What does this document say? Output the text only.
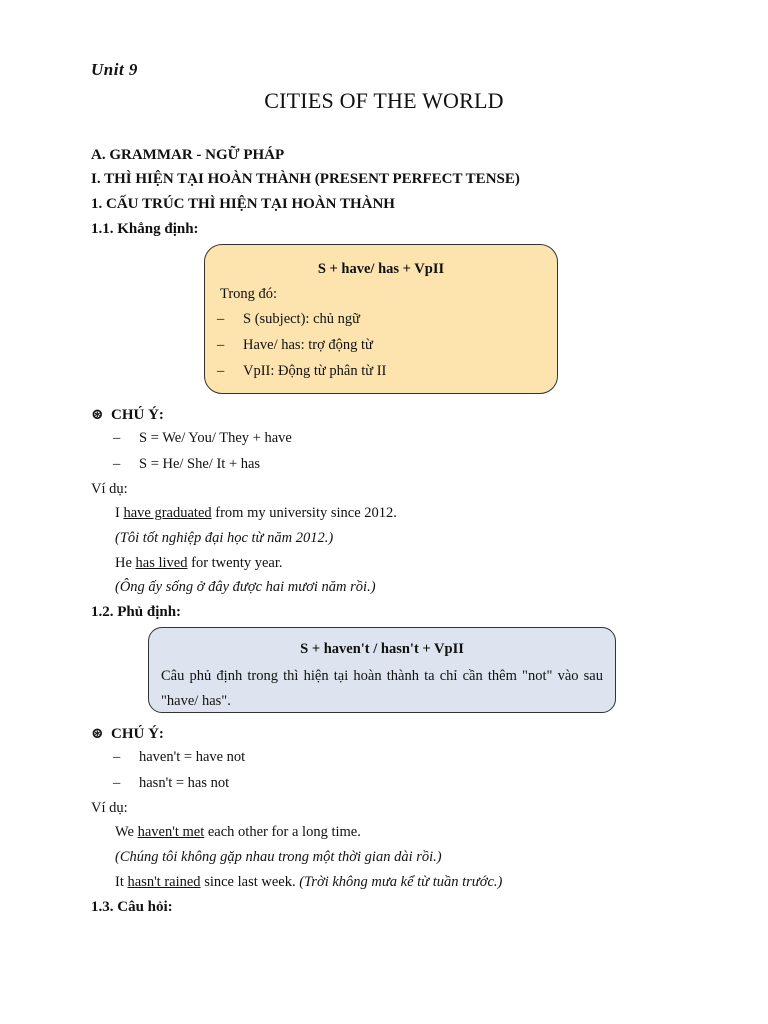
Unit 9
CITIES OF THE WORLD
A. GRAMMAR - NGỮ PHÁP
I. THÌ HIỆN TẠI HOÀN THÀNH (PRESENT PERFECT TENSE)
1. CẤU TRÚC THÌ HIỆN TẠI HOÀN THÀNH
1.1. Khẳng định:
S + have/ has + VpII
Trong đó:
– S (subject): chủ ngữ
– Have/ has: trợ động từ
– VpII: Động từ phân từ II
⊛ CHÚ Ý:
– S = We/ You/ They + have
– S = He/ She/ It + has
Ví dụ:
I have graduated from my university since 2012.
(Tôi tốt nghiệp đại học từ năm 2012.)
He has lived for twenty year.
(Ông ấy sống ở đây được hai mươi năm rồi.)
1.2. Phủ định:
S + haven't / hasn't + VpII
Câu phủ định trong thì hiện tại hoàn thành ta chỉ cần thêm "not" vào sau "have/ has".
⊛ CHÚ Ý:
– haven't = have not
– hasn't = has not
Ví dụ:
We haven't met each other for a long time.
(Chúng tôi không gặp nhau trong một thời gian dài rồi.)
It hasn't rained since last week. (Trời không mưa kể từ tuần trước.)
1.3. Câu hỏi:
